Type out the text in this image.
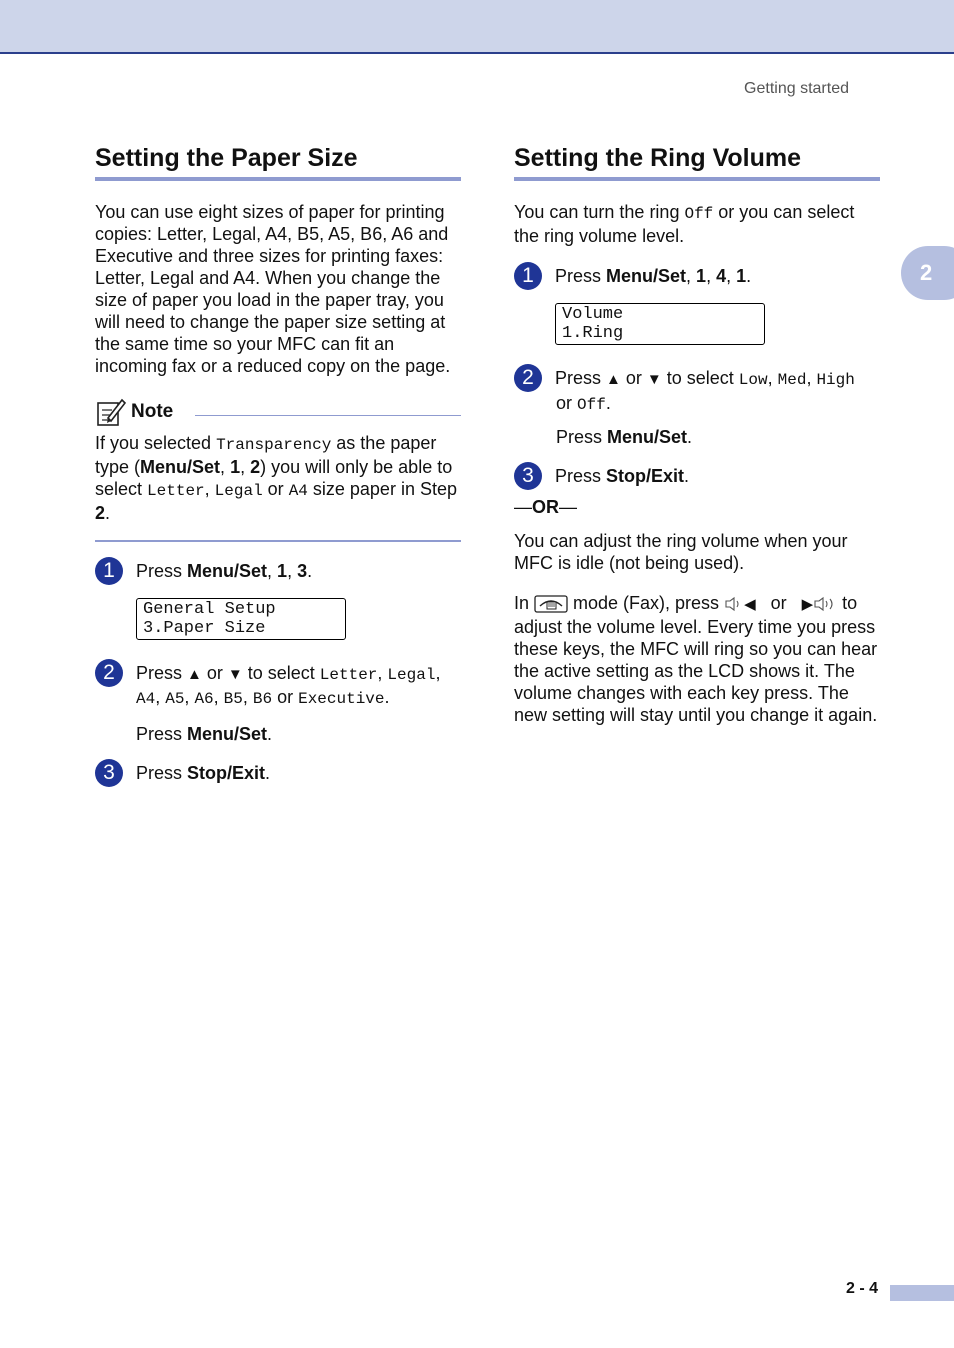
Getting started
2
Setting the Paper Size

You can use eight sizes of paper for printing copies: Letter, Legal, A4, B5, A5, B6, A6 and Executive and three sizes for printing faxes: Letter, Legal and A4. When you change the size of paper you load in the paper tray, you will need to change the paper size setting at the same time so your MFC can fit an incoming fax or a reduced copy on the page.

Note

If you selected Transparency as the paper type (Menu/Set, 1, 2) you will only be able to select Letter, Legal or A4 size paper in Step 2.

1	Press Menu/Set, 1, 3.

General Setup
3.Paper Size
2	Press ▲ or ▼ to select Letter, Legal, A4, A5, A6, B5, B6 or Executive.

Press Menu/Set.

3	Press Stop/Exit.

Setting the Ring Volume

You can turn the ring Off or you can select the ring volume level.

1	Press Menu/Set, 1, 4, 1.

Volume
1.Ring
2	Press ▲ or ▼ to select Low, Med, High

or Off.

Press Menu/Set.

3	Press Stop/Exit.

—OR—

You can adjust the ring volume when your MFC is idle (not being used).

In  mode (Fax), press ◀   or   ▶ to adjust the volume level. Every time you press these keys, the MFC will ring so you can hear the active setting as the LCD shows it. The volume changes with each key press. The new setting will stay until you change it again.

2 - 4
